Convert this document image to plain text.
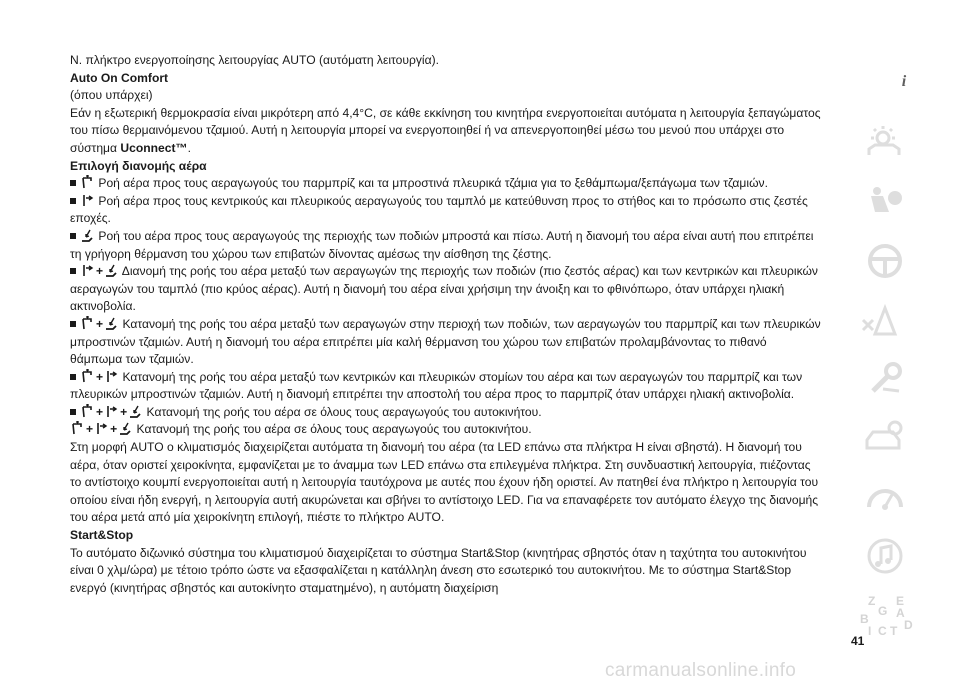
Ν. πλήκτρο ενεργοποίησης λειτουργίας AUTO (αυτόματη λειτουργία).

Auto On Comfort

(όπου υπάρχει)

Εάν η εξωτερική θερμοκρασία είναι μικρότερη από 4,4°C, σε κάθε εκκίνηση του κινητήρα ενεργοποιείται αυτόματα η λειτουργία ξεπαγώματος του πίσω θερμαινόμενου τζαμιού. Αυτή η λειτουργία μπορεί να ενεργοποιηθεί ή να απενεργοποιηθεί μέσω του μενού που υπάρχει στο σύστημα Uconnect™.

Επιλογή διανομής αέρα

Ροή αέρα προς τους αεραγωγούς του παρμπρίζ και τα μπροστινά πλευρικά τζάμια για το ξεθάμπωμα/ξεπάγωμα των τζαμιών.

Ροή αέρα προς τους κεντρικούς και πλευρικούς αεραγωγούς του ταμπλό με κατεύθυνση προς το στήθος και το πρόσωπο στις ζεστές εποχές.

Ροή του αέρα προς τους αεραγωγούς της περιοχής των ποδιών μπροστά και πίσω. Αυτή η διανομή του αέρα είναι αυτή που επιτρέπει τη γρήγορη θέρμανση του χώρου των επιβατών δίνοντας αμέσως την αίσθηση της ζέστης.

+ Διανομή της ροής του αέρα μεταξύ των αεραγωγών της περιοχής των ποδιών (πιο ζεστός αέρας) και των κεντρικών και πλευρικών αεραγωγών του ταμπλό (πιο κρύος αέρας). Αυτή η διανομή του αέρα είναι χρήσιμη την άνοιξη και το φθινόπωρο, όταν υπάρχει ηλιακή ακτινοβολία.

+ Κατανομή της ροής του αέρα μεταξύ των αεραγωγών στην περιοχή των ποδιών, των αεραγωγών του παρμπρίζ και των πλευρικών μπροστινών τζαμιών. Αυτή η διανομή του αέρα επιτρέπει μία καλή θέρμανση του χώρου των επιβατών προλαμβάνοντας το πιθανό θάμπωμα των τζαμιών.

+ Κατανομή της ροής του αέρα μεταξύ των κεντρικών και πλευρικών στομίων του αέρα και των αεραγωγών του παρμπρίζ και των πλευρικών μπροστινών τζαμιών. Αυτή η διανομή επιτρέπει την αποστολή του αέρα προς το παρμπρίζ όταν υπάρχει ηλιακή ακτινοβολία.

+ + Κατανομή της ροής του αέρα σε όλους τους αεραγωγούς του αυτοκινήτου.

+ + Κατανομή της ροής του αέρα σε όλους τους αεραγωγούς του αυτοκινήτου.

Στη μορφή AUTO ο κλιματισμός διαχειρίζεται αυτόματα τη διανομή του αέρα (τα LED επάνω στα πλήκτρα Η είναι σβηστά). Η διανομή του αέρα, όταν οριστεί χειροκίνητα, εμφανίζεται με το άναμμα των LED επάνω στα επιλεγμένα πλήκτρα. Στη συνδυαστική λειτουργία, πιέζοντας το αντίστοιχο κουμπί ενεργοποιείται αυτή η λειτουργία ταυτόχρονα με αυτές που έχουν ήδη οριστεί. Αν πατηθεί ένα πλήκτρο η λειτουργία του οποίου είναι ήδη ενεργή, η λειτουργία αυτή ακυρώνεται και σβήνει το αντίστοιχο LED. Για να επαναφέρετε τον αυτόματο έλεγχο της διανομής του αέρα μετά από μία χειροκίνητη επιλογή, πιέστε το πλήκτρο AUTO.

Start&Stop

Το αυτόματο διζωνικό σύστημα του κλιματισμού διαχειρίζεται το σύστημα Start&Stop (κινητήρας σβηστός όταν η ταχύτητα του αυτοκινήτου είναι 0 χλμ/ώρα) με τέτοιο τρόπο ώστε να εξασφαλίζεται η κατάλληλη άνεση στο εσωτερικό του αυτοκινήτου. Με το σύστημα Start&Stop ενεργό (κινητήρας σβηστός και αυτοκίνητο σταματημένο), η αυτόματη διαχείριση

41
carmanualsonline.info
i
Z E
G A
B	D
I C T
